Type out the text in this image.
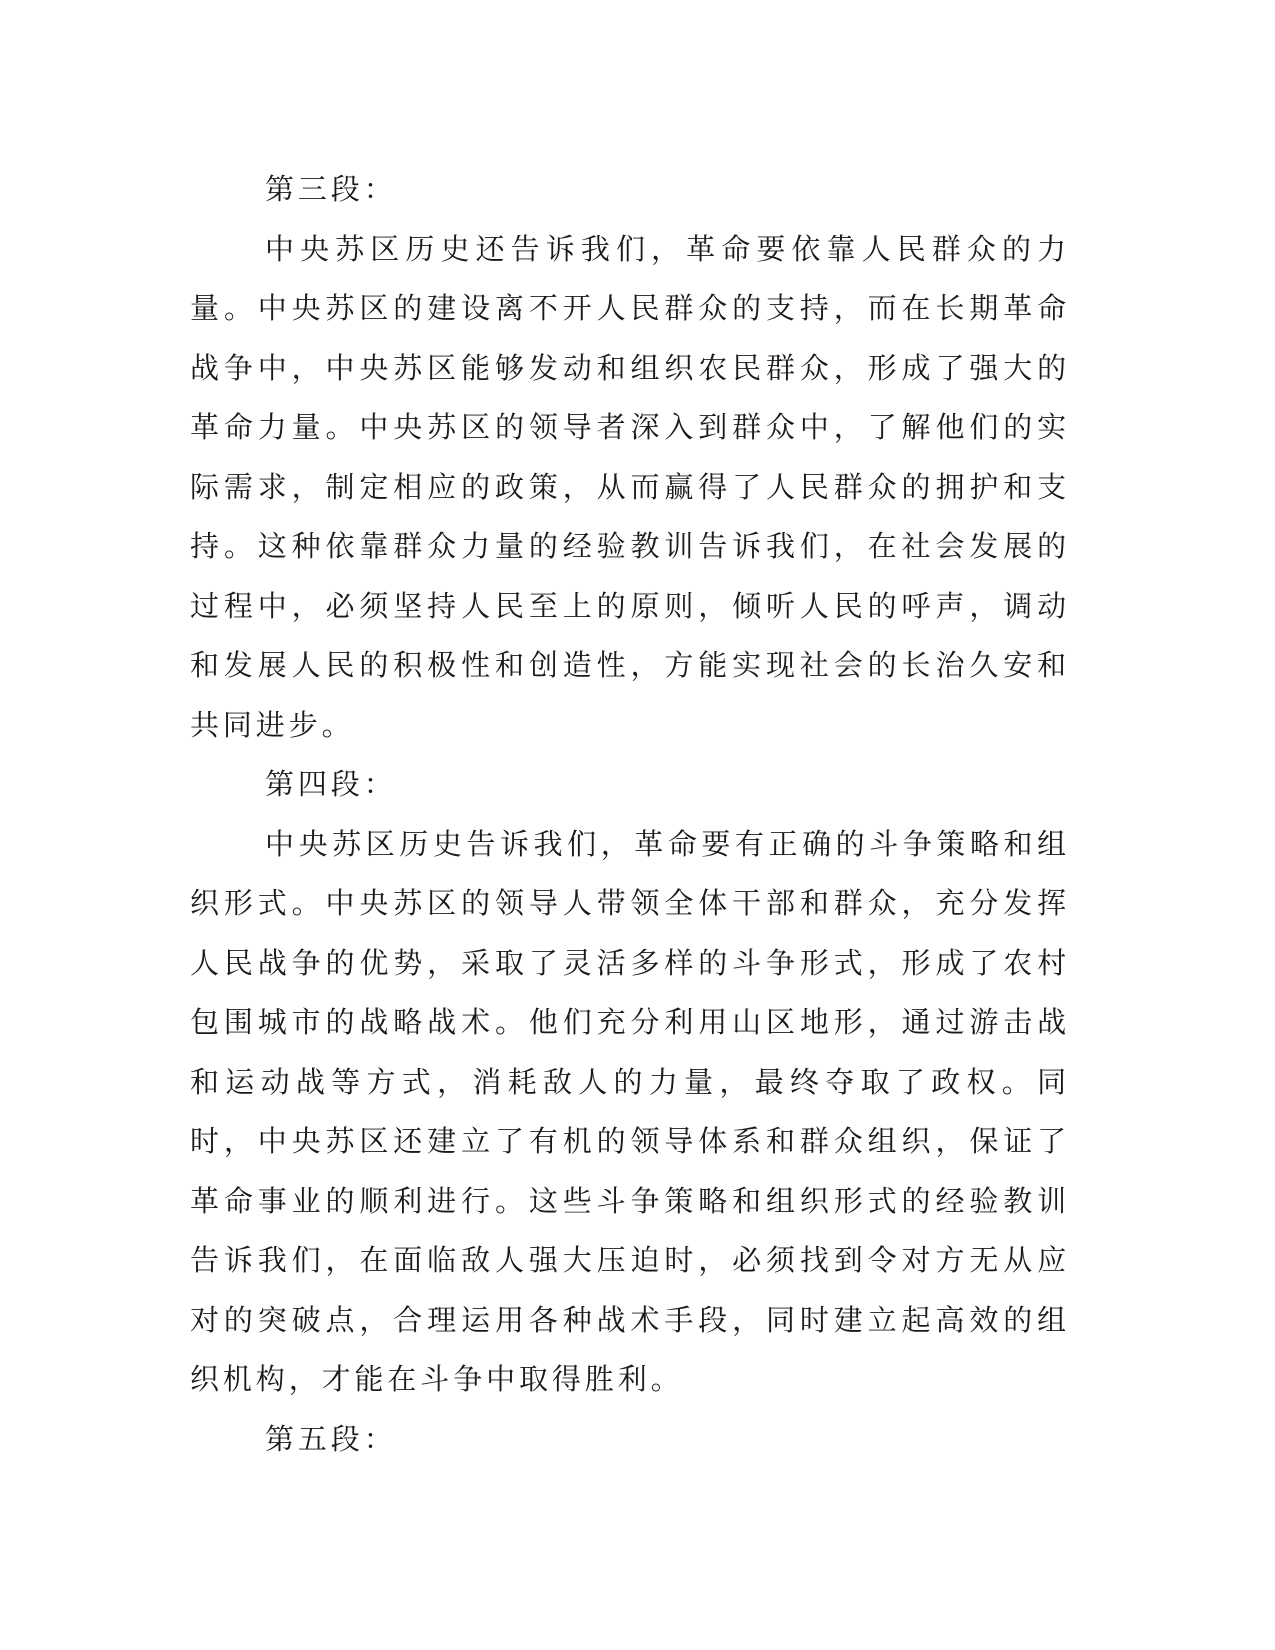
第三段：

中央苏区历史还告诉我们，革命要依靠人民群众的力量。中央苏区的建设离不开人民群众的支持，而在长期革命战争中，中央苏区能够发动和组织农民群众，形成了强大的革命力量。中央苏区的领导者深入到群众中，了解他们的实际需求，制定相应的政策，从而赢得了人民群众的拥护和支持。这种依靠群众力量的经验教训告诉我们，在社会发展的过程中，必须坚持人民至上的原则，倾听人民的呼声，调动和发展人民的积极性和创造性，方能实现社会的长治久安和共同进步。

第四段：

中央苏区历史告诉我们，革命要有正确的斗争策略和组织形式。中央苏区的领导人带领全体干部和群众，充分发挥人民战争的优势，采取了灵活多样的斗争形式，形成了农村包围城市的战略战术。他们充分利用山区地形，通过游击战和运动战等方式，消耗敌人的力量，最终夺取了政权。同时，中央苏区还建立了有机的领导体系和群众组织，保证了革命事业的顺利进行。这些斗争策略和组织形式的经验教训告诉我们，在面临敌人强大压迫时，必须找到令对方无从应对的突破点，合理运用各种战术手段，同时建立起高效的组织机构，才能在斗争中取得胜利。

第五段：
